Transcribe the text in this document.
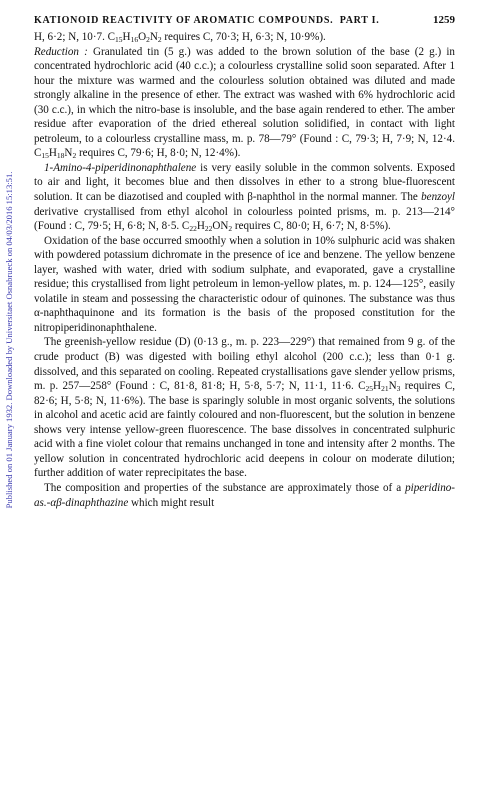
Published on 01 January 1932. Downloaded by Universitaet Osnabrueck on 04/03/2016 15:13:51.
KATIONOID REACTIVITY OF AROMATIC COMPOUNDS. PART I.	1259

H, 6·2; N, 10·7. $C_{15}H_{16}O_2N_2$ requires C, 70·3; H, 6·3; N, 10·9%).

Reduction : Granulated tin (5 g.) was added to the brown solution of the base (2 g.) in concentrated hydrochloric acid (40 c.c.); a colourless crystalline solid soon separated. After 1 hour the mixture was warmed and the colourless solution obtained was diluted and made strongly alkaline in the presence of ether. The extract was washed with 6% hydrochloric acid (30 c.c.), in which the nitro-base is insoluble, and the base again rendered to ether. The amber residue after evaporation of the dried ethereal solution solidified, in contact with light petroleum, to a colourless crystalline mass, m. p. 78—79° (Found : C, 79·3; H, 7·9; N, 12·4. $C_{15}H_{18}N_2$ requires C, 79·6; H, 8·0; N, 12·4%).

1-Amino-4-piperidinonaphthalene is very easily soluble in the common solvents. Exposed to air and light, it becomes blue and then dissolves in ether to a strong blue-fluorescent solution. It can be diazotised and coupled with β-naphthol in the normal manner. The benzoyl derivative crystallised from ethyl alcohol in colourless pointed prisms, m. p. 213—214° (Found : C, 79·5; H, 6·8; N, 8·5. $C_{22}H_{22}ON_2$ requires C, 80·0; H, 6·7; N, 8·5%).

Oxidation of the base occurred smoothly when a solution in 10% sulphuric acid was shaken with powdered potassium dichromate in the presence of ice and benzene. The yellow benzene layer, washed with water, dried with sodium sulphate, and evaporated, gave a crystalline residue; this crystallised from light petroleum in lemon-yellow plates, m. p. 124—125°, easily volatile in steam and possessing the characteristic odour of quinones. The substance was thus α-naphthaquinone and its formation is the basis of the proposed constitution for the nitropiperidinonaphthalene.

The greenish-yellow residue (D) (0·13 g., m. p. 223—229°) that remained from 9 g. of the crude product (B) was digested with boiling ethyl alcohol (200 c.c.); less than 0·1 g. dissolved, and this separated on cooling. Repeated crystallisations gave slender yellow prisms, m. p. 257—258° (Found : C, 81·8, 81·8; H, 5·8, 5·7; N, 11·1, 11·6. $C_{25}H_{21}N_3$ requires C, 82·6; H, 5·8; N, 11·6%). The base is sparingly soluble in most organic solvents, the solutions in alcohol and acetic acid are faintly coloured and non-fluorescent, but the solution in benzene shows very intense yellow-green fluorescence. The base dissolves in concentrated sulphuric acid with a fine violet colour that remains unchanged in tone and intensity after 2 months. The yellow solution in concentrated hydrochloric acid deepens in colour on moderate dilution; further addition of water reprecipitates the base.

The composition and properties of the substance are approximately those of a piperidino-as.-αβ-dinaphthazine which might result
